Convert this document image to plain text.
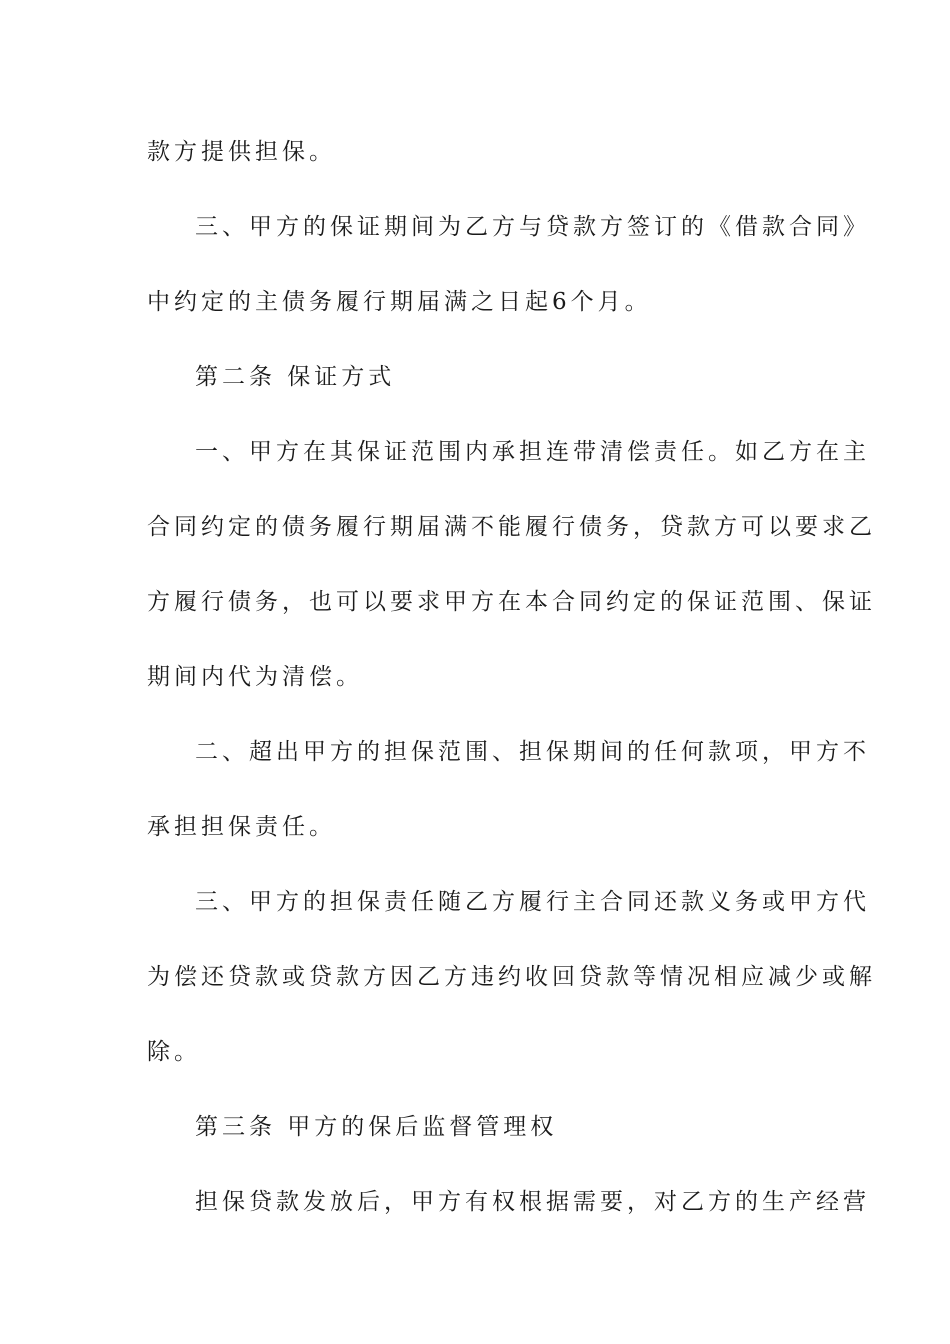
款方提供担保。
三、甲方的保证期间为乙方与贷款方签订的《借款合同》
中约定的主债务履行期届满之日起6个月。
第二条 保证方式
一、甲方在其保证范围内承担连带清偿责任。如乙方在主
合同约定的债务履行期届满不能履行债务，贷款方可以要求乙
方履行债务，也可以要求甲方在本合同约定的保证范围、保证
期间内代为清偿。
二、超出甲方的担保范围、担保期间的任何款项，甲方不
承担担保责任。
三、甲方的担保责任随乙方履行主合同还款义务或甲方代
为偿还贷款或贷款方因乙方违约收回贷款等情况相应减少或解
除。
第三条 甲方的保后监督管理权
担保贷款发放后，甲方有权根据需要，对乙方的生产经营
